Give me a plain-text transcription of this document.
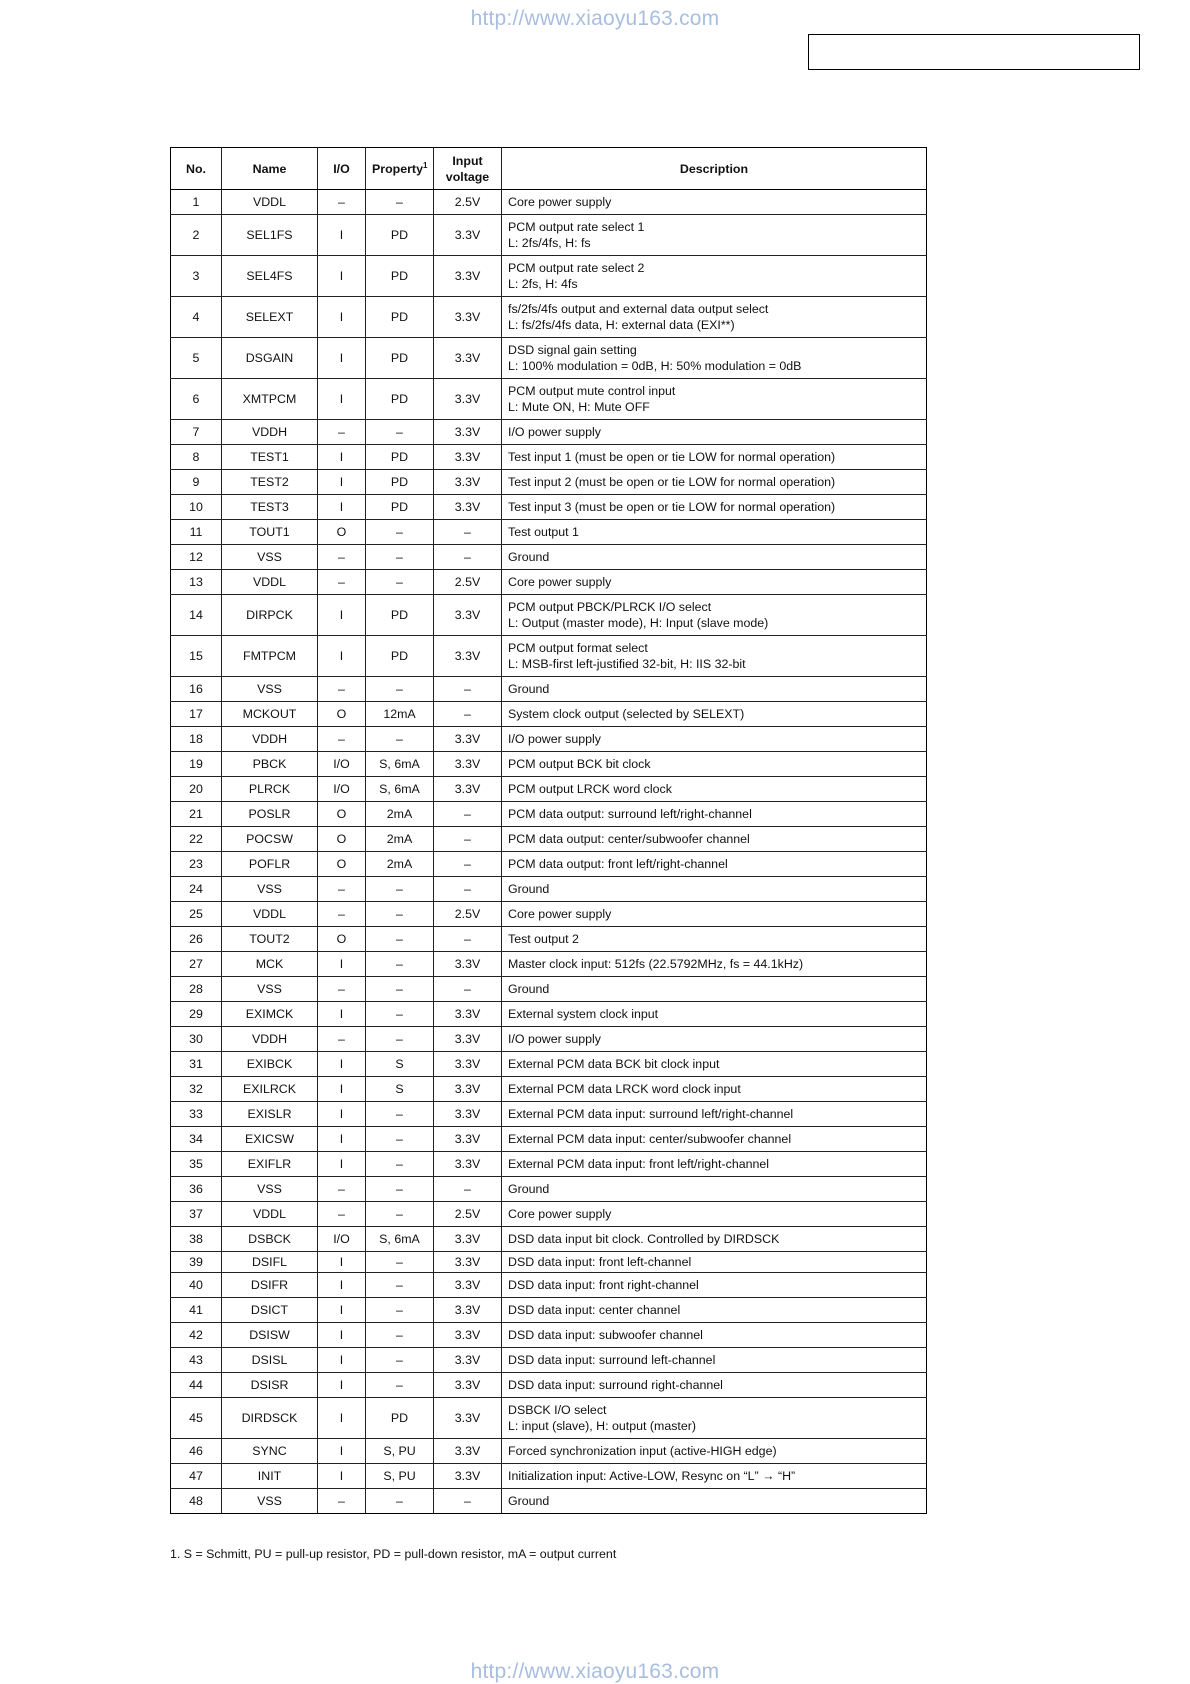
http://www.xiaoyu163.com
No.	Name	I/O	Property$^1$	Input
voltage	Description
1	VDDL	–	–	2.5V	Core power supply

2	SEL1FS	I	PD	3.3V	PCM output rate select 1
L: 2fs/4fs, H: fs

3	SEL4FS	I	PD	3.3V	PCM output rate select 2
L: 2fs, H: 4fs

4	SELEXT	I	PD	3.3V	fs/2fs/4fs output and external data output select
L: fs/2fs/4fs data, H: external data (EXI**)

5	DSGAIN	I	PD	3.3V	DSD signal gain setting
L: 100% modulation = 0dB, H: 50% modulation = 0dB

6	XMTPCM	I	PD	3.3V	PCM output mute control input
L: Mute ON, H: Mute OFF

7	VDDH	–	–	3.3V	I/O power supply

8	TEST1	I	PD	3.3V	Test input 1 (must be open or tie LOW for normal operation)

9	TEST2	I	PD	3.3V	Test input 2 (must be open or tie LOW for normal operation)

10	TEST3	I	PD	3.3V	Test input 3 (must be open or tie LOW for normal operation)

11	TOUT1	O	–	–	Test output 1

12	VSS	–	–	–	Ground

13	VDDL	–	–	2.5V	Core power supply

14	DIRPCK	I	PD	3.3V	PCM output PBCK/PLRCK I/O select
L: Output (master mode), H: Input (slave mode)

15	FMTPCM	I	PD	3.3V	PCM output format select
L: MSB-first left-justified 32-bit, H: IIS 32-bit

16	VSS	–	–	–	Ground

17	MCKOUT	O	12mA	–	System clock output (selected by SELEXT)

18	VDDH	–	–	3.3V	I/O power supply

19	PBCK	I/O	S, 6mA	3.3V	PCM output BCK bit clock

20	PLRCK	I/O	S, 6mA	3.3V	PCM output LRCK word clock

21	POSLR	O	2mA	–	PCM data output: surround left/right-channel

22	POCSW	O	2mA	–	PCM data output: center/subwoofer channel

23	POFLR	O	2mA	–	PCM data output: front left/right-channel

24	VSS	–	–	–	Ground

25	VDDL	–	–	2.5V	Core power supply

26	TOUT2	O	–	–	Test output 2

27	MCK	I	–	3.3V	Master clock input: 512fs (22.5792MHz, fs = 44.1kHz)

28	VSS	–	–	–	Ground

29	EXIMCK	I	–	3.3V	External system clock input

30	VDDH	–	–	3.3V	I/O power supply

31	EXIBCK	I	S	3.3V	External PCM data BCK bit clock input

32	EXILRCK	I	S	3.3V	External PCM data LRCK word clock input

33	EXISLR	I	–	3.3V	External PCM data input: surround left/right-channel

34	EXICSW	I	–	3.3V	External PCM data input: center/subwoofer channel

35	EXIFLR	I	–	3.3V	External PCM data input: front left/right-channel

36	VSS	–	–	–	Ground

37	VDDL	–	–	2.5V	Core power supply

38	DSBCK	I/O	S, 6mA	3.3V	DSD data input bit clock. Controlled by DIRDSCK

39	DSIFL	I	–	3.3V	DSD data input: front left-channel

40	DSIFR	I	–	3.3V	DSD data input: front right-channel

41	DSICT	I	–	3.3V	DSD data input: center channel

42	DSISW	I	–	3.3V	DSD data input: subwoofer channel

43	DSISL	I	–	3.3V	DSD data input: surround left-channel

44	DSISR	I	–	3.3V	DSD data input: surround right-channel

45	DIRDSCK	I	PD	3.3V	DSBCK I/O select
L: input (slave), H: output (master)

46	SYNC	I	S, PU	3.3V	Forced synchronization input (active-HIGH edge)

47	INIT	I	S, PU	3.3V	Initialization input: Active-LOW, Resync on “L” → “H”

48	VSS	–	–	–	Ground
1. S = Schmitt, PU = pull-up resistor, PD = pull-down resistor, mA = output current
http://www.xiaoyu163.com
